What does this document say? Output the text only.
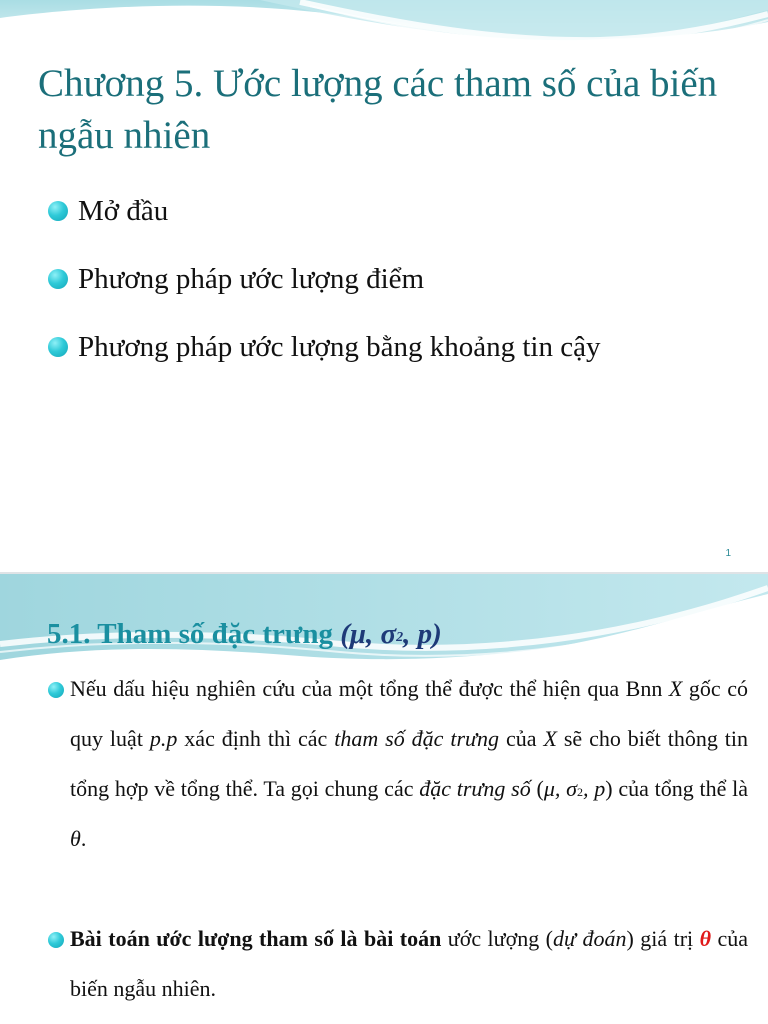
Chương 5. Ước lượng các tham số của biến ngẫu nhiên
Mở đầu
Phương pháp ước lượng điểm
Phương pháp ước lượng bằng khoảng tin cậy
1
5.1. Tham số đặc trưng (μ, $\sigma^2$, p)

Nếu dấu hiệu nghiên cứu của một tổng thể được thể hiện qua Bnn X gốc có quy luật p.p xác định thì các tham số đặc trưng của X sẽ cho biết thông tin tổng hợp về tổng thể. Ta gọi chung các đặc trưng số (μ, $\sigma^2$, p) của tổng thể là θ.

Bài toán ước lượng tham số là bài toán ước lượng (dự đoán) giá trị θ của biến ngẫu nhiên.
